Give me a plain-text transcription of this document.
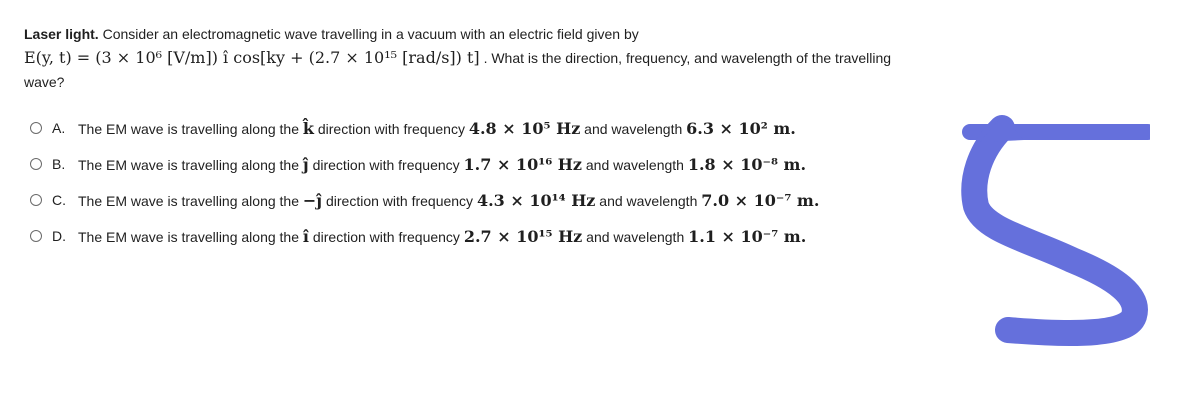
Laser light. Consider an electromagnetic wave travelling in a vacuum with an electric field given by
E(y, t) = (3 × 10⁶ [V/m]) î cos[ky + (2.7 × 10¹⁵ [rad/s]) t] . What is the direction, frequency, and wavelength of the travelling
wave?
A. The EM wave is travelling along the k̂ direction with frequency 4.8 × 10⁵ Hz and wavelength 6.3 × 10² m.
B. The EM wave is travelling along the ĵ direction with frequency 1.7 × 10¹⁶ Hz and wavelength 1.8 × 10⁻⁸ m.
C. The EM wave is travelling along the −ĵ direction with frequency 4.3 × 10¹⁴ Hz and wavelength 7.0 × 10⁻⁷ m.
D. The EM wave is travelling along the î direction with frequency 2.7 × 10¹⁵ Hz and wavelength 1.1 × 10⁻⁷ m.
